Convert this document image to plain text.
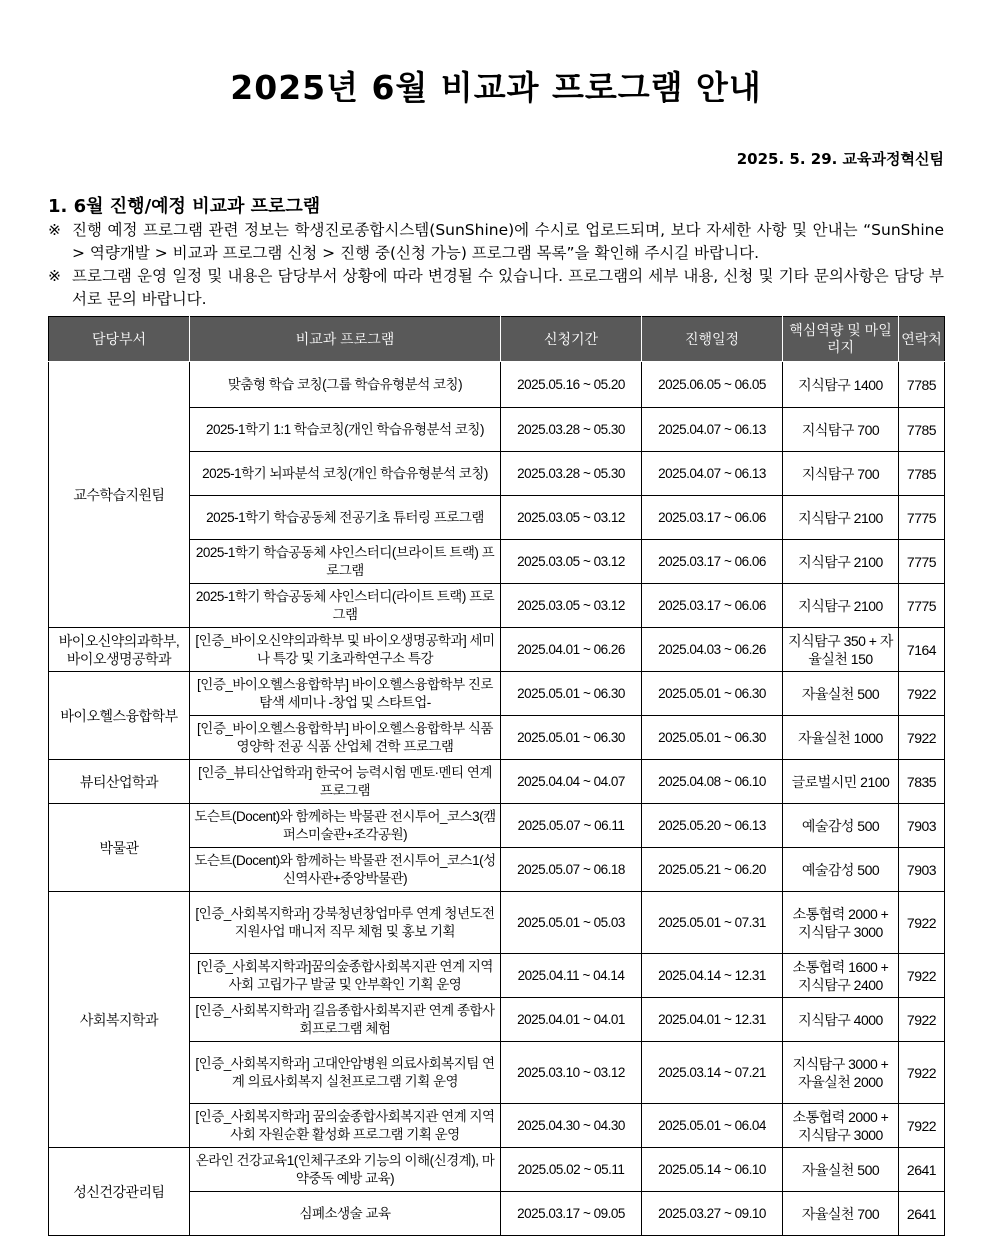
2025년 6월 비교과 프로그램 안내
2025. 5. 29. 교육과정혁신팀
1. 6월 진행/예정 비교과 프로그램
※ 진행 예정 프로그램 관련 정보는 학생진로종합시스템(SunShine)에 수시로 업로드되며, 보다 자세한 사항 및 안내는 “SunShine > 역량개발 > 비교과 프로그램 신청 > 진행 중(신청 가능) 프로그램 목록”을 확인해 주시길 바랍니다.
※ 프로그램 운영 일정 및 내용은 담당부서 상황에 따라 변경될 수 있습니다. 프로그램의 세부 내용, 신청 및 기타 문의사항은 담당 부서로 문의 바랍니다.
담당부서	비교과 프로그램	신청기간	진행일정	핵심역량 및 마일리지	연락처
교수학습지원팀	맞춤형 학습 코칭(그룹 학습유형분석 코칭)	2025.05.16 ~ 05.20	2025.06.05 ~ 06.05	지식탐구 1400	7785
	2025-1학기 1:1 학습코칭(개인 학습유형분석 코칭)	2025.03.28 ~ 05.30	2025.04.07 ~ 06.13	지식탐구 700	7785
	2025-1학기 뇌파분석 코칭(개인 학습유형분석 코칭)	2025.03.28 ~ 05.30	2025.04.07 ~ 06.13	지식탐구 700	7785
	2025-1학기 학습공동체 전공기초 튜터링 프로그램	2025.03.05 ~ 03.12	2025.03.17 ~ 06.06	지식탐구 2100	7775
	2025-1학기 학습공동체 샤인스터디(브라이트 트랙) 프로그램	2025.03.05 ~ 03.12	2025.03.17 ~ 06.06	지식탐구 2100	7775
	2025-1학기 학습공동체 샤인스터디(라이트 트랙) 프로그램	2025.03.05 ~ 03.12	2025.03.17 ~ 06.06	지식탐구 2100	7775
바이오신약의과학부, 바이오생명공학과	[인증_바이오신약의과학부 및 바이오생명공학과] 세미나 특강 및 기초과학연구소 특강	2025.04.01 ~ 06.26	2025.04.03 ~ 06.26	지식탐구 350 + 자율실천 150	7164
바이오헬스융합학부	[인증_바이오헬스융합학부] 바이오헬스융합학부 진로탐색 세미나 -창업 및 스타트업-	2025.05.01 ~ 06.30	2025.05.01 ~ 06.30	자율실천 500	7922
	[인증_바이오헬스융합학부] 바이오헬스융합학부 식품영양학 전공 식품 산업체 견학 프로그램	2025.05.01 ~ 06.30	2025.05.01 ~ 06.30	자율실천 1000	7922
뷰티산업학과	[인증_뷰티산업학과] 한국어 능력시험 멘토·멘티 연계 프로그램	2025.04.04 ~ 04.07	2025.04.08 ~ 06.10	글로벌시민 2100	7835
박물관	도슨트(Docent)와 함께하는 박물관 전시투어_코스3(캠퍼스미술관+조각공원)	2025.05.07 ~ 06.11	2025.05.20 ~ 06.13	예술감성 500	7903
	도슨트(Docent)와 함께하는 박물관 전시투어_코스1(성신역사관+중앙박물관)	2025.05.07 ~ 06.18	2025.05.21 ~ 06.20	예술감성 500	7903
사회복지학과	[인증_사회복지학과] 강북청년창업마루 연계 청년도전지원사업 매니저 직무 체험 및 홍보 기획	2025.05.01 ~ 05.03	2025.05.01 ~ 07.31	소통협력 2000 + 지식탐구 3000	7922
	[인증_사회복지학과]꿈의숲종합사회복지관 연계 지역사회 고립가구 발굴 및 안부확인 기획 운영	2025.04.11 ~ 04.14	2025.04.14 ~ 12.31	소통협력 1600 + 지식탐구 2400	7922
	[인증_사회복지학과] 길음종합사회복지관 연계 종합사회프로그램 체험	2025.04.01 ~ 04.01	2025.04.01 ~ 12.31	지식탐구 4000	7922
	[인증_사회복지학과] 고대안암병원 의료사회복지팀 연계 의료사회복지 실천프로그램 기획 운영	2025.03.10 ~ 03.12	2025.03.14 ~ 07.21	지식탐구 3000 + 자율실천 2000	7922
	[인증_사회복지학과] 꿈의숲종합사회복지관 연계 지역사회 자원순환 활성화 프로그램 기획 운영	2025.04.30 ~ 04.30	2025.05.01 ~ 06.04	소통협력 2000 + 지식탐구 3000	7922
성신건강관리팀	온라인 건강교육1(인체구조와 기능의 이해(신경계), 마약중독 예방 교육)	2025.05.02 ~ 05.11	2025.05.14 ~ 06.10	자율실천 500	2641
	심폐소생술 교육	2025.03.17 ~ 09.05	2025.03.27 ~ 09.10	자율실천 700	2641
